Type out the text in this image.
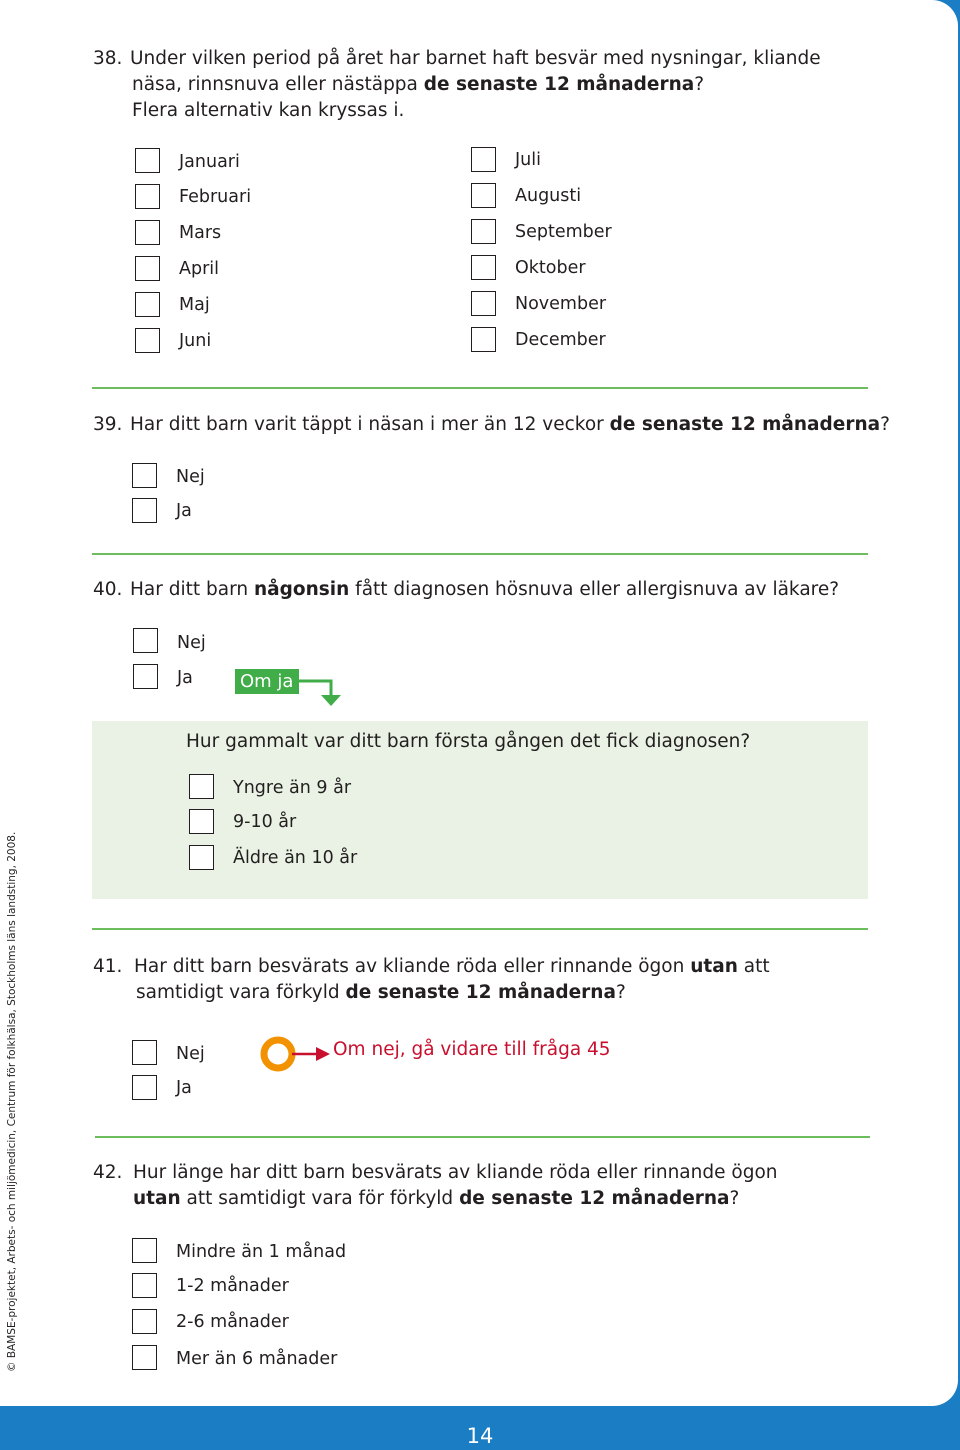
© BAMSE-projektet, Arbets- och miljömedicin, Centrum för folkhälsa, Stockholms läns landsting, 2008.
38. Under vilken period på året har barnet haft besvär med nysningar, kliande
näsa, rinnsnuva eller nästäppa de senaste 12 månaderna?
Flera alternativ kan kryssas i.
Januari
Februari
Mars
April
Maj
Juni
Juli
Augusti
September
Oktober
November
December
39. Har ditt barn varit täppt i näsan i mer än 12 veckor de senaste 12 månaderna?
Nej
Ja
40. Har ditt barn någonsin fått diagnosen hösnuva eller allergisnuva av läkare?
Nej
Ja	Om ja
Hur gammalt var ditt barn första gången det fick diagnosen?
Yngre än 9 år
9-10 år
Äldre än 10 år
41. Har ditt barn besvärats av kliande röda eller rinnande ögon utan att
samtidigt vara förkyld de senaste 12 månaderna?
Nej
Ja
Om nej, gå vidare till fråga 45
42. Hur länge har ditt barn besvärats av kliande röda eller rinnande ögon
utan att samtidigt vara för förkyld de senaste 12 månaderna?
Mindre än 1 månad
1-2 månader
2-6 månader
Mer än 6 månader
14
